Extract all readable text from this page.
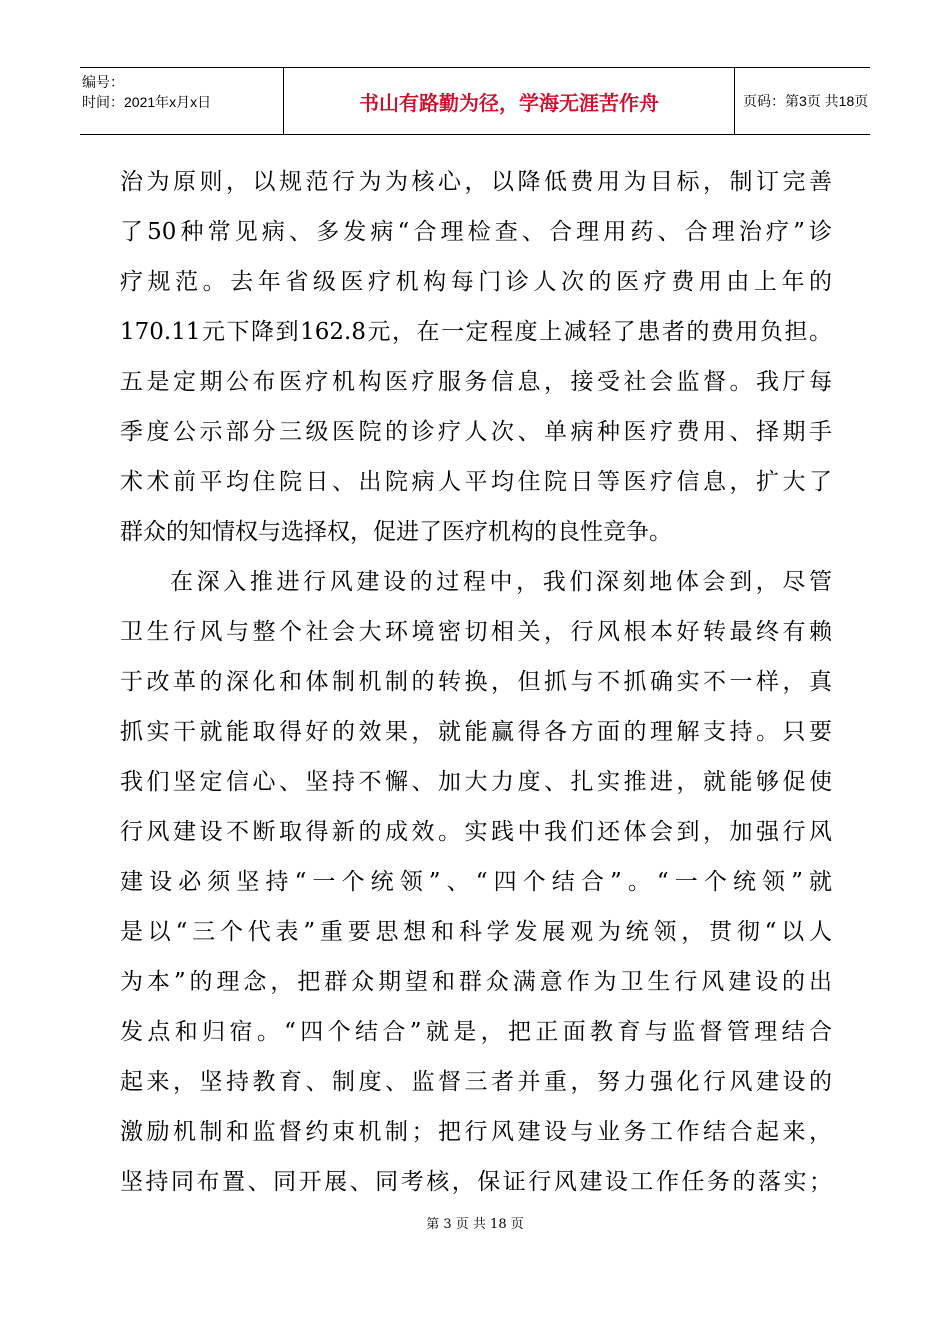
编号：
时间：2021年x月x日	书山有路勤为径，学海无涯苦作舟	页码：第3页 共18页
治为原则，以规范行为为核心，以降低费用为目标，制订完善
了50种常见病、多发病“合理检查、合理用药、合理治疗”诊
疗规范。去年省级医疗机构每门诊人次的医疗费用由上年的
170.11元下降到162.8元，在一定程度上减轻了患者的费用负担。
五是定期公布医疗机构医疗服务信息，接受社会监督。我厅每
季度公示部分三级医院的诊疗人次、单病种医疗费用、择期手
术术前平均住院日、出院病人平均住院日等医疗信息，扩大了
群众的知情权与选择权，促进了医疗机构的良性竞争。
在深入推进行风建设的过程中，我们深刻地体会到，尽管
卫生行风与整个社会大环境密切相关，行风根本好转最终有赖
于改革的深化和体制机制的转换，但抓与不抓确实不一样，真
抓实干就能取得好的效果，就能赢得各方面的理解支持。只要
我们坚定信心、坚持不懈、加大力度、扎实推进，就能够促使
行风建设不断取得新的成效。实践中我们还体会到，加强行风
建设必须坚持“一个统领”、“四个结合”。“一个统领”就
是以“三个代表”重要思想和科学发展观为统领，贯彻“以人
为本”的理念，把群众期望和群众满意作为卫生行风建设的出
发点和归宿。“四个结合”就是，把正面教育与监督管理结合
起来，坚持教育、制度、监督三者并重，努力强化行风建设的
激励机制和监督约束机制；把行风建设与业务工作结合起来，
坚持同布置、同开展、同考核，保证行风建设工作任务的落实；
第 3 页 共 18 页
